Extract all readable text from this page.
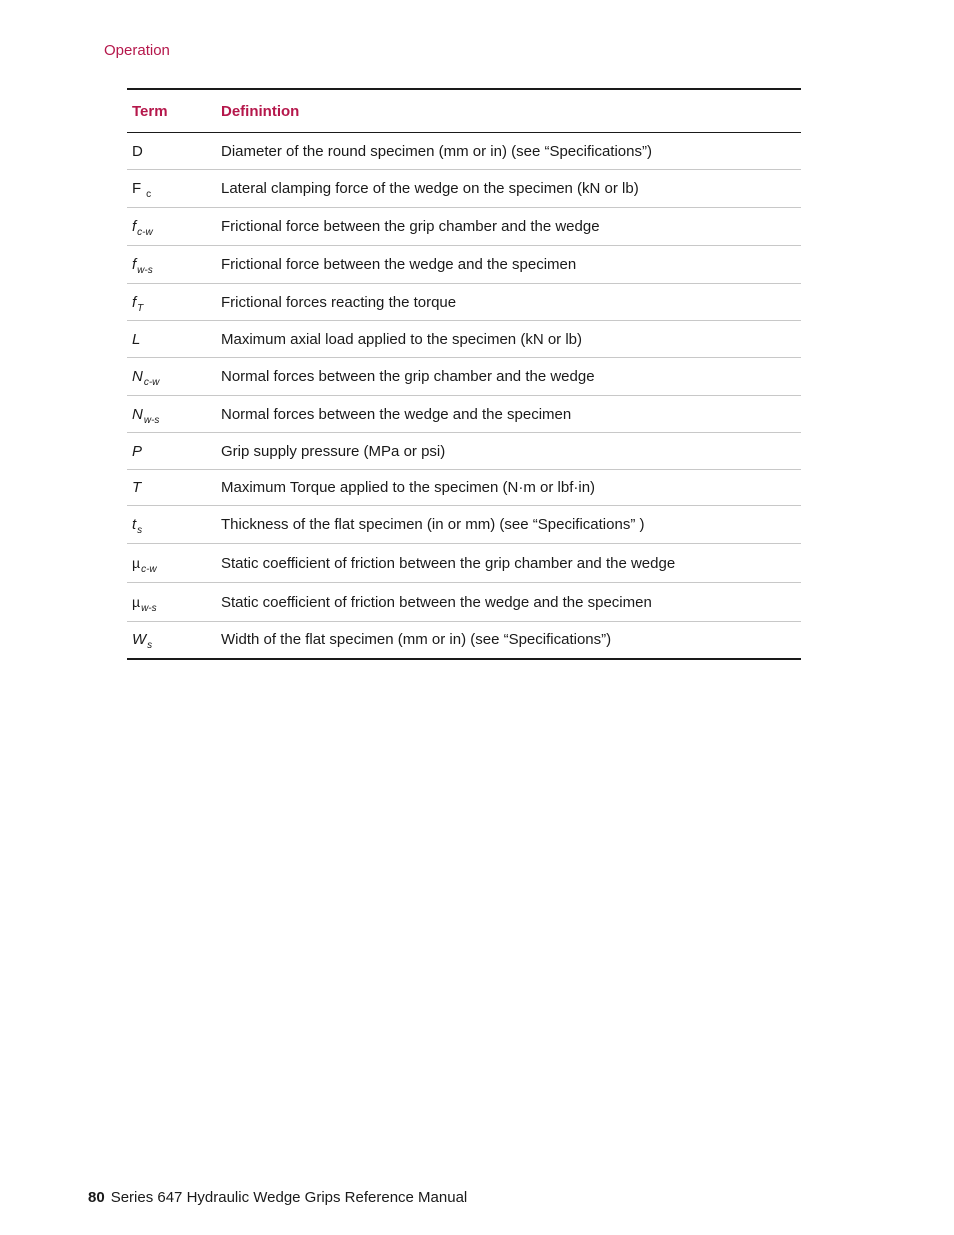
Operation
Term	Definintion
D	Diameter of the round specimen (mm or in) (see “Specifications”)
F $_c$	Lateral clamping force of the wedge on the specimen (kN or lb)
$f_{c-w}$	Frictional force between the grip chamber and the wedge
$f_{w-s}$	Frictional force between the wedge and the specimen
$f_T$	Frictional forces reacting the torque
L	Maximum axial load applied to the specimen (kN or lb)
$N_{c-w}$	Normal forces between the grip chamber and the wedge
$N_{w-s}$	Normal forces between the wedge and the specimen
P	Grip supply pressure (MPa or psi)
T	Maximum Torque applied to the specimen (N·m or lbf·in)
$t_s$	Thickness of the flat specimen (in or mm) (see “Specifications” )
µ$_{c-w}$	Static coefficient of friction between the grip chamber and the wedge
µ$_{w-s}$	Static coefficient of friction between the wedge and the specimen
$W_s$	Width of the flat specimen (mm or in) (see “Specifications”)
80 Series 647 Hydraulic Wedge Grips Reference Manual
